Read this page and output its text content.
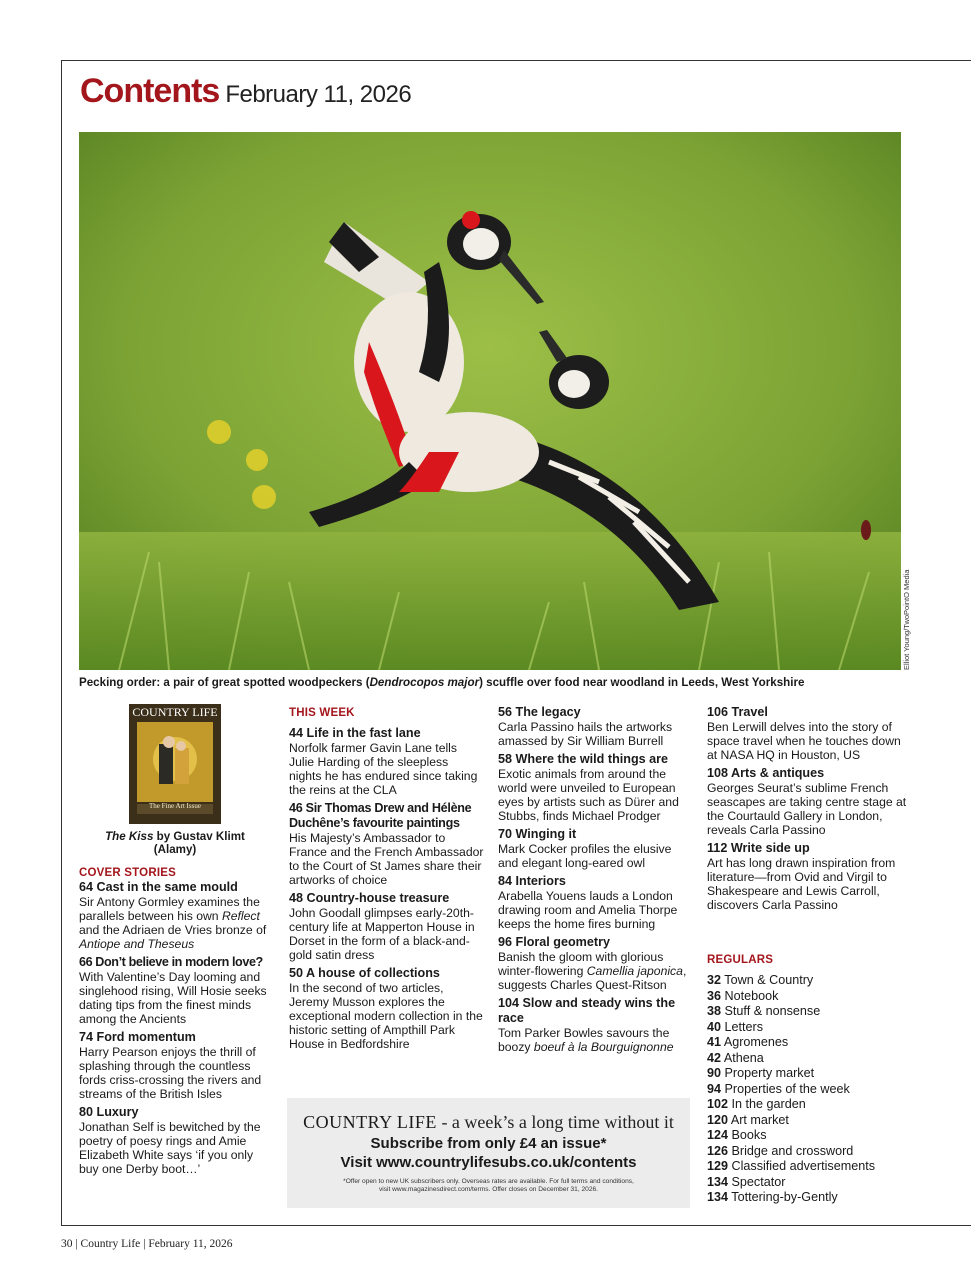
Contents February 11, 2026
Elliot Young/TwoPointO Media
Pecking order: a pair of great spotted woodpeckers (Dendrocopos major) scuffle over food near woodland in Leeds, West Yorkshire
COUNTRY LIFE
The Fine Art Issue
The Kiss by Gustav Klimt
(Alamy)

COVER STORIES

64 Cast in the same mould

Sir Antony Gormley examines the parallels between his own Reflect and the Adriaen de Vries bronze of Antiope and Theseus

66 Don’t believe in modern love?

With Valentine’s Day looming and singlehood rising, Will Hosie seeks dating tips from the finest minds among the Ancients

74 Ford momentum

Harry Pearson enjoys the thrill of splashing through the countless fords criss-crossing the rivers and streams of the British Isles

80 Luxury

Jonathan Self is bewitched by the poetry of poesy rings and Amie Elizabeth White says ‘if you only buy one Derby boot…’

THIS WEEK

44 Life in the fast lane

Norfolk farmer Gavin Lane tells Julie Harding of the sleepless nights he has endured since taking the reins at the CLA

46 Sir Thomas Drew and Hélène Duchêne’s favourite paintings

His Majesty’s Ambassador to France and the French Ambassador to the Court of St James share their artworks of choice

48 Country-house treasure

John Goodall glimpses early-20th-century life at Mapperton House in Dorset in the form of a black-and-gold satin dress

50 A house of collections

In the second of two articles, Jeremy Musson explores the exceptional modern collection in the historic setting of Ampthill Park House in Bedfordshire

56 The legacy

Carla Passino hails the artworks amassed by Sir William Burrell

58 Where the wild things are

Exotic animals from around the world were unveiled to European eyes by artists such as Dürer and Stubbs, finds Michael Prodger

70 Winging it

Mark Cocker profiles the elusive and elegant long-eared owl

84 Interiors

Arabella Youens lauds a London drawing room and Amelia Thorpe keeps the home fires burning

96 Floral geometry

Banish the gloom with glorious winter-flowering Camellia japonica, suggests Charles Quest-Ritson

104 Slow and steady wins the race

Tom Parker Bowles savours the boozy boeuf à la Bourguignonne

106 Travel

Ben Lerwill delves into the story of space travel when he touches down at NASA HQ in Houston, US

108 Arts & antiques

Georges Seurat’s sublime French seascapes are taking centre stage at the Courtauld Gallery in London, reveals Carla Passino

112 Write side up

Art has long drawn inspiration from literature—from Ovid and Virgil to Shakespeare and Lewis Carroll, discovers Carla Passino

REGULARS

32 Town & Country
36 Notebook
38 Stuff & nonsense
40 Letters
41 Agromenes
42 Athena
90 Property market
94 Properties of the week
102 In the garden
120 Art market
124 Books
126 Bridge and crossword
129 Classified advertisements
134 Spectator
134 Tottering-by-Gently
COUNTRY LIFE - a week’s a long time without it
Subscribe from only £4 an issue*
Visit www.countrylifesubs.co.uk/contents
*Offer open to new UK subscribers only. Overseas rates are available. For full terms and conditions,
visit www.magazinesdirect.com/terms. Offer closes on December 31, 2026.
30 | Country Life | February 11, 2026
